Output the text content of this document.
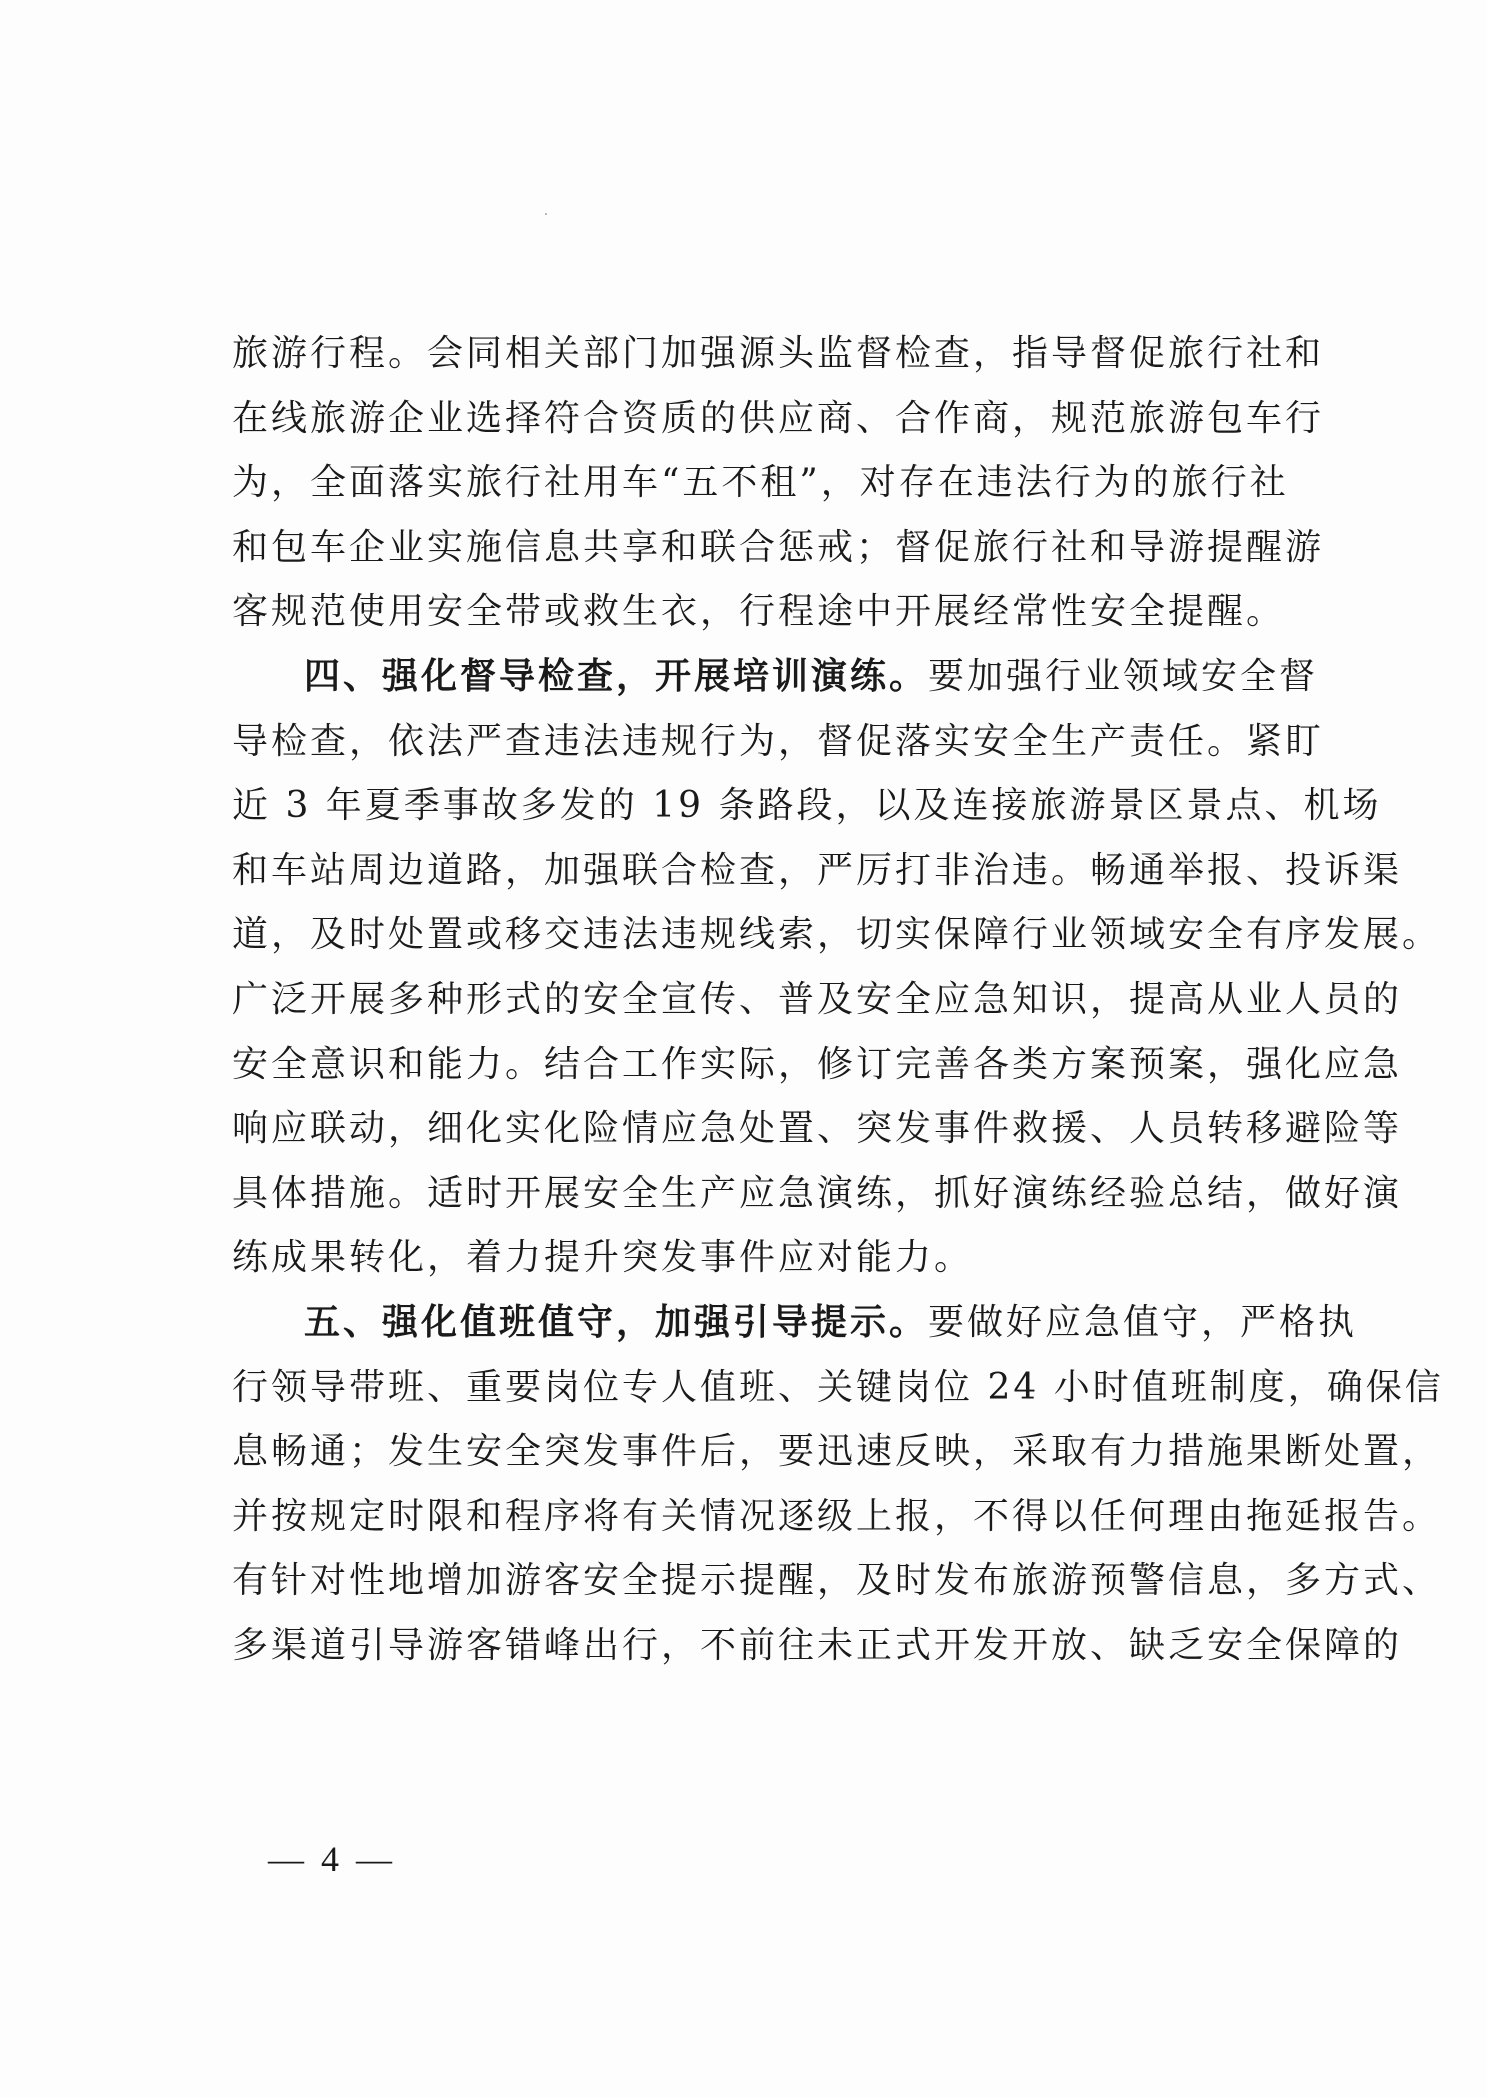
旅游行程。会同相关部门加强源头监督检查，指导督促旅行社和
在线旅游企业选择符合资质的供应商、合作商，规范旅游包车行
为，全面落实旅行社用车“五不租”，对存在违法行为的旅行社
和包车企业实施信息共享和联合惩戒；督促旅行社和导游提醒游
客规范使用安全带或救生衣，行程途中开展经常性安全提醒。

四、强化督导检查，开展培训演练。要加强行业领域安全督
导检查，依法严查违法违规行为，督促落实安全生产责任。紧盯
近 3 年夏季事故多发的 19 条路段，以及连接旅游景区景点、机场
和车站周边道路，加强联合检查，严厉打非治违。畅通举报、投诉渠
道，及时处置或移交违法违规线索，切实保障行业领域安全有序发展。
广泛开展多种形式的安全宣传、普及安全应急知识，提高从业人员的
安全意识和能力。结合工作实际，修订完善各类方案预案，强化应急
响应联动，细化实化险情应急处置、突发事件救援、人员转移避险等
具体措施。适时开展安全生产应急演练，抓好演练经验总结，做好演
练成果转化，着力提升突发事件应对能力。

五、强化值班值守，加强引导提示。要做好应急值守，严格执
行领导带班、重要岗位专人值班、关键岗位 24 小时值班制度，确保信
息畅通；发生安全突发事件后，要迅速反映，采取有力措施果断处置，
并按规定时限和程序将有关情况逐级上报，不得以任何理由拖延报告。
有针对性地增加游客安全提示提醒，及时发布旅游预警信息，多方式、
多渠道引导游客错峰出行，不前往未正式开发开放、缺乏安全保障的

— 4 —
